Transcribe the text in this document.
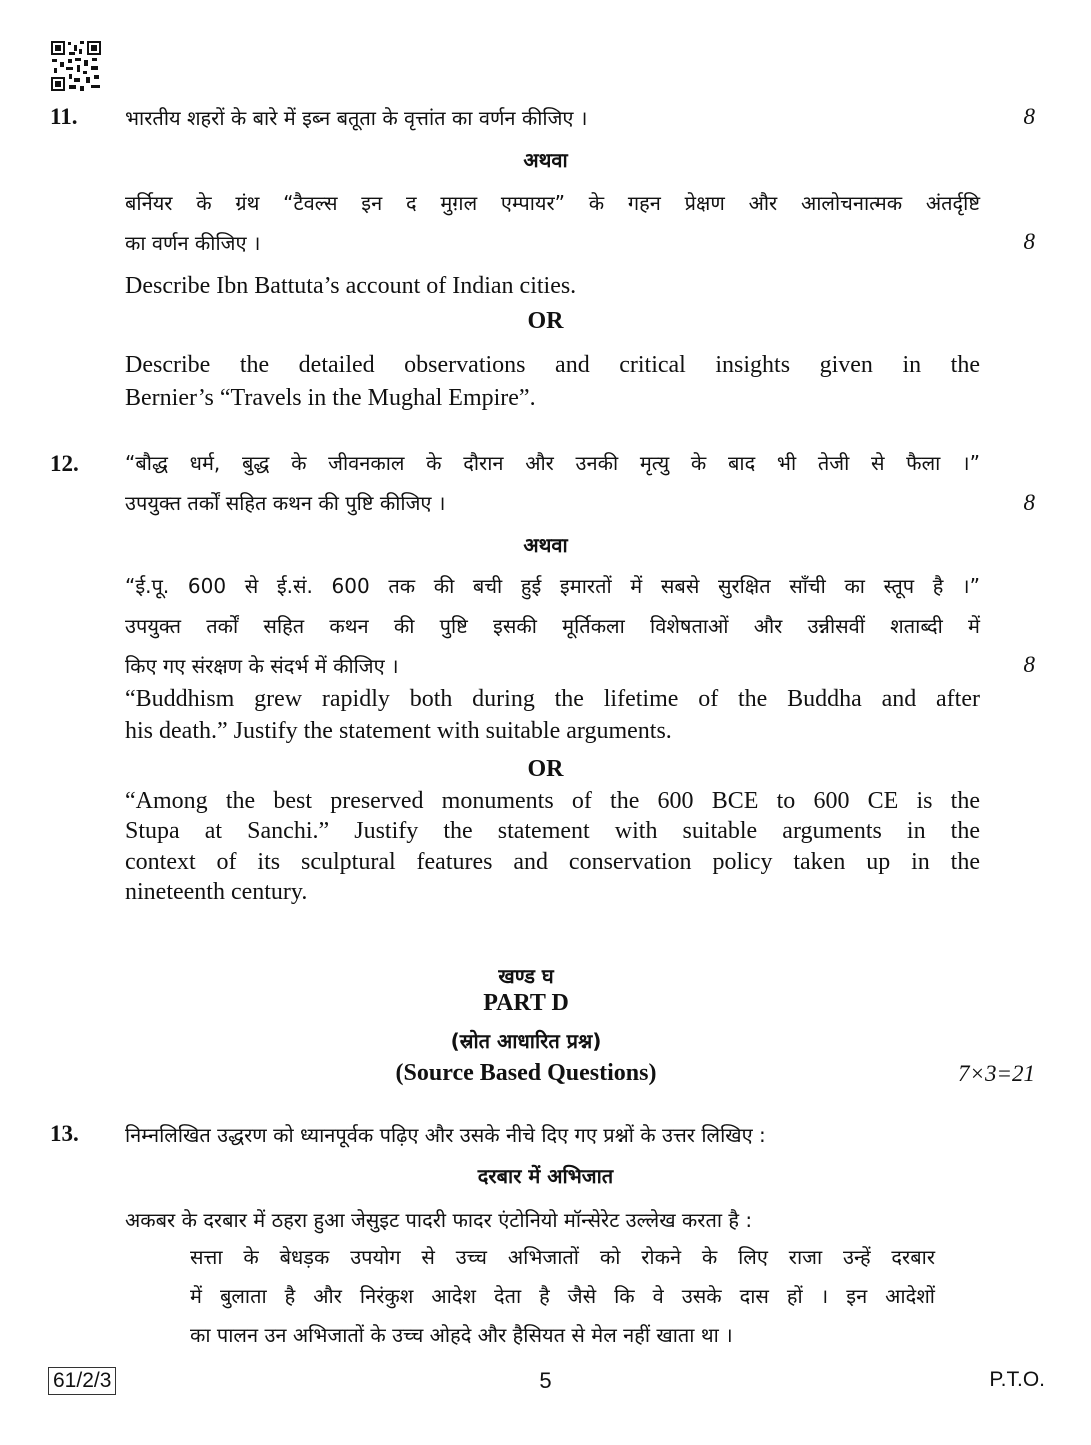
11. भारतीय शहरों के बारे में इब्न बतूता के वृत्तांत का वर्णन कीजिए ।	8
अथवा
बर्नियर के ग्रंथ “टैवल्स इन द मुग़ल एम्पायर” के गहन प्रेक्षण और आलोचनात्मक अंतर्दृष्टि
का वर्णन कीजिए ।	8
Describe Ibn Battuta’s account of Indian cities.
OR
Describe the detailed observations and critical insights given in the
Bernier’s “Travels in the Mughal Empire”.
12. “बौद्ध धर्म, बुद्ध के जीवनकाल के दौरान और उनकी मृत्यु के बाद भी तेजी से फैला ।”
उपयुक्त तर्कों सहित कथन की पुष्टि कीजिए ।	8
अथवा
“ई.पू. 600 से ई.सं. 600 तक की बची हुई इमारतों में सबसे सुरक्षित साँची का स्तूप है ।”
उपयुक्त तर्कों सहित कथन की पुष्टि इसकी मूर्तिकला विशेषताओं और उन्नीसवीं शताब्दी में
किए गए संरक्षण के संदर्भ में कीजिए ।	8
“Buddhism grew rapidly both during the lifetime of the Buddha and after
his death.” Justify the statement with suitable arguments.
OR
“Among the best preserved monuments of the 600 BCE to 600 CE is the
Stupa at Sanchi.” Justify the statement with suitable arguments in the
context of its sculptural features and conservation policy taken up in the
nineteenth century.
खण्ड घ
PART D
(स्रोत आधारित प्रश्न)
(Source Based Questions)	7×3=21
13. निम्नलिखित उद्धरण को ध्यानपूर्वक पढ़िए और उसके नीचे दिए गए प्रश्नों के उत्तर लिखिए :
दरबार में अभिजात
अकबर के दरबार में ठहरा हुआ जेसुइट पादरी फादर एंटोनियो मॉन्सेरेट उल्लेख करता है :
सत्ता के बेधड़क उपयोग से उच्च अभिजातों को रोकने के लिए राजा उन्हें दरबार
में बुलाता है और निरंकुश आदेश देता है जैसे कि वे उसके दास हों । इन आदेशों
का पालन उन अभिजातों के उच्च ओहदे और हैसियत से मेल नहीं खाता था ।
61/2/3	5	P.T.O.
